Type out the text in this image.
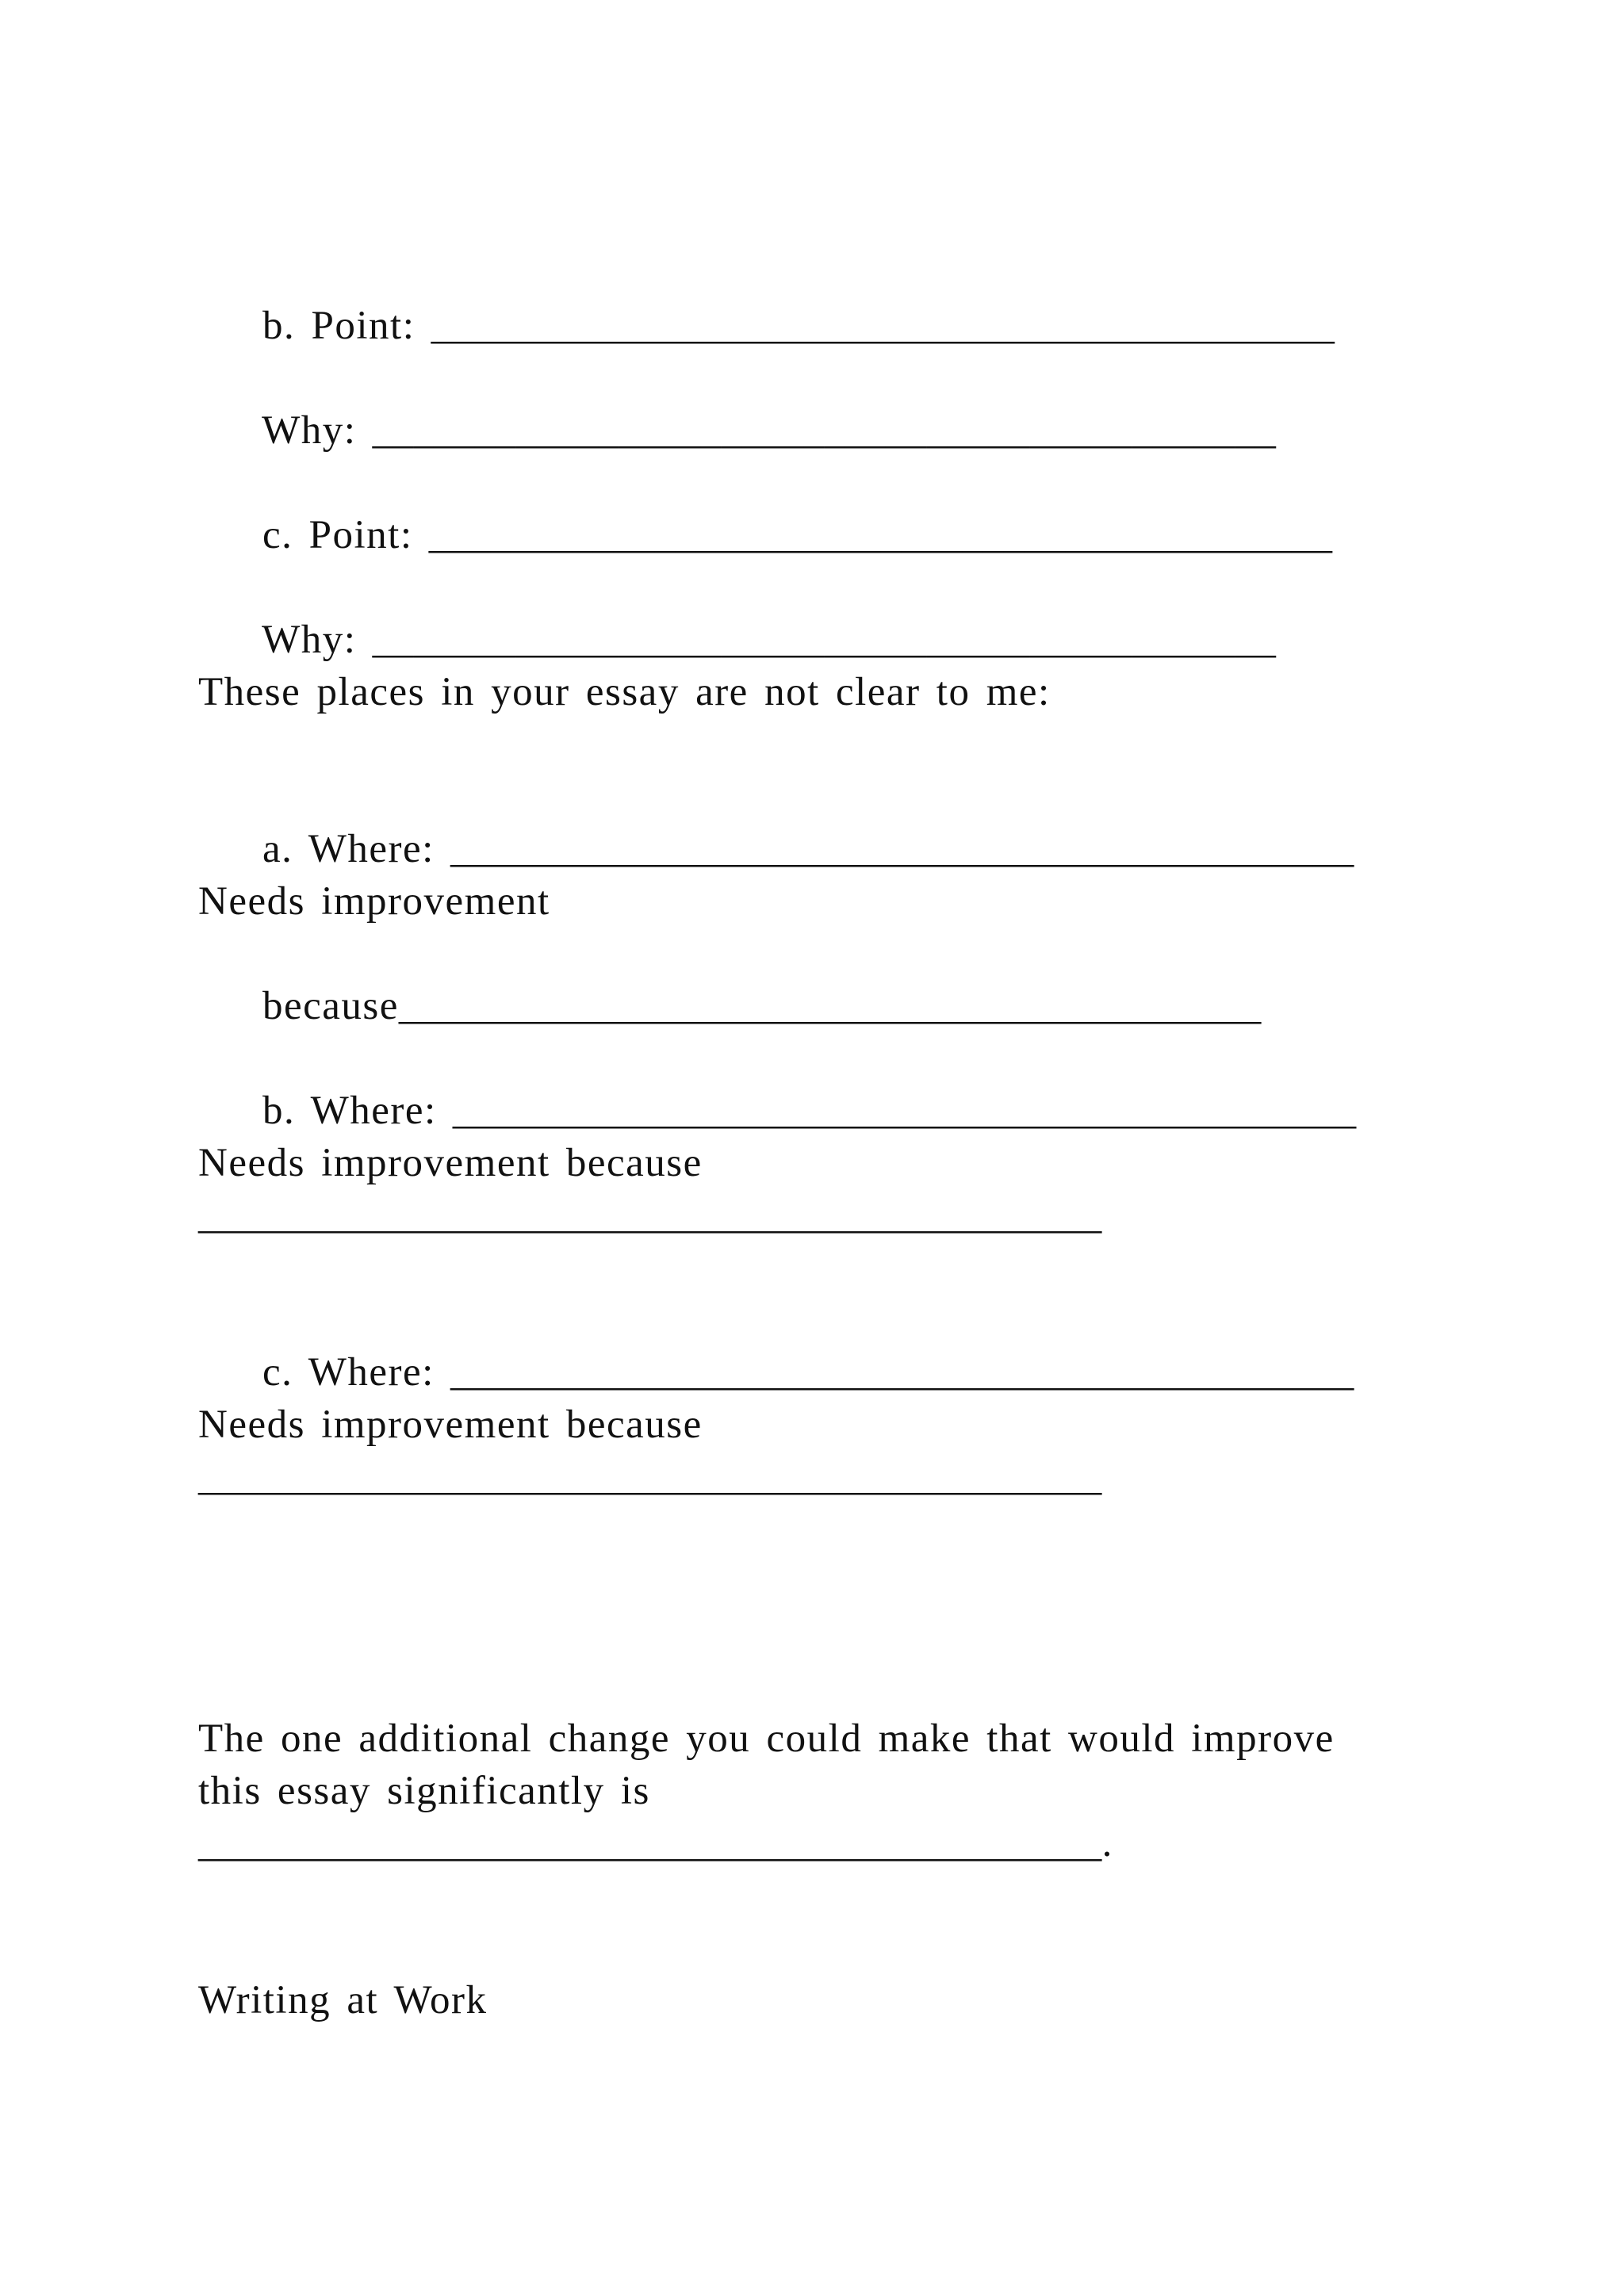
b. Point: ____________________________________________

Why: ____________________________________________

c. Point: ____________________________________________

Why: ____________________________________________

These places in your essay are not clear to me:

a. Where: ____________________________________________

Needs improvement

because__________________________________________

b. Where: ____________________________________________

Needs improvement because
____________________________________________

c. Where: ____________________________________________

Needs improvement because
____________________________________________
The one additional change you could make that would improve
this essay significantly is
____________________________________________.
Writing at Work
